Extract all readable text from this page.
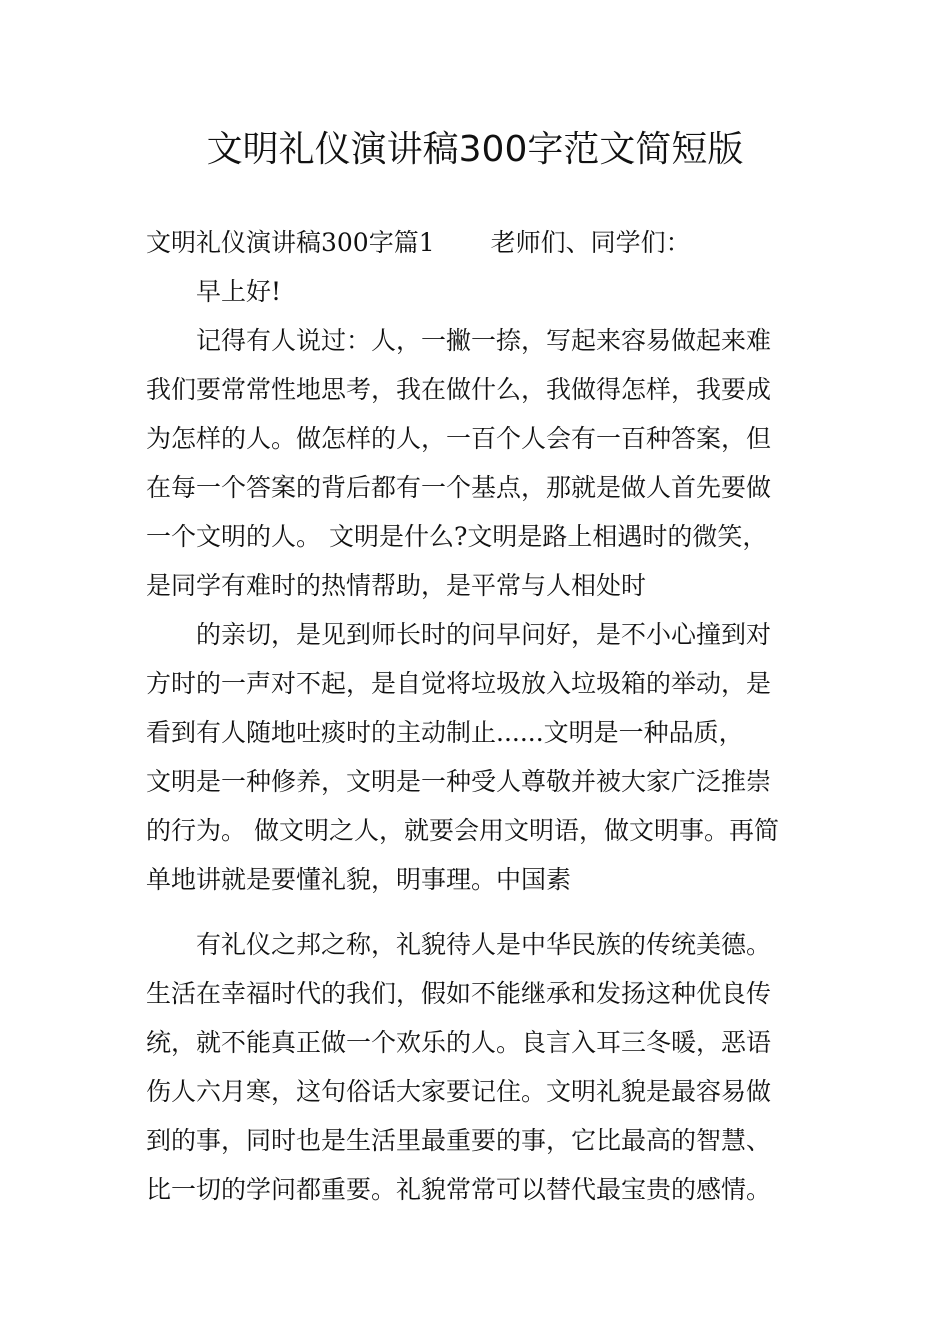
文明礼仪演讲稿300字范文简短版
文明礼仪演讲稿300字篇1 老师们、同学们：
早上好!
记得有人说过：人，一撇一捺，写起来容易做起来难
我们要常常性地思考，我在做什么，我做得怎样，我要成
为怎样的人。做怎样的人，一百个人会有一百种答案，但
在每一个答案的背后都有一个基点，那就是做人首先要做
一个文明的人。 文明是什么?文明是路上相遇时的微笑，
是同学有难时的热情帮助，是平常与人相处时
的亲切，是见到师长时的问早问好，是不小心撞到对
方时的一声对不起，是自觉将垃圾放入垃圾箱的举动，是
看到有人随地吐痰时的主动制止......文明是一种品质，
文明是一种修养，文明是一种受人尊敬并被大家广泛推崇
的行为。 做文明之人，就要会用文明语，做文明事。再简
单地讲就是要懂礼貌，明事理。中国素
有礼仪之邦之称，礼貌待人是中华民族的传统美德。
生活在幸福时代的我们，假如不能继承和发扬这种优良传
统，就不能真正做一个欢乐的人。良言入耳三冬暖，恶语
伤人六月寒，这句俗话大家要记住。文明礼貌是最容易做
到的事，同时也是生活里最重要的事，它比最高的智慧、
比一切的学问都重要。礼貌常常可以替代最宝贵的感情。
